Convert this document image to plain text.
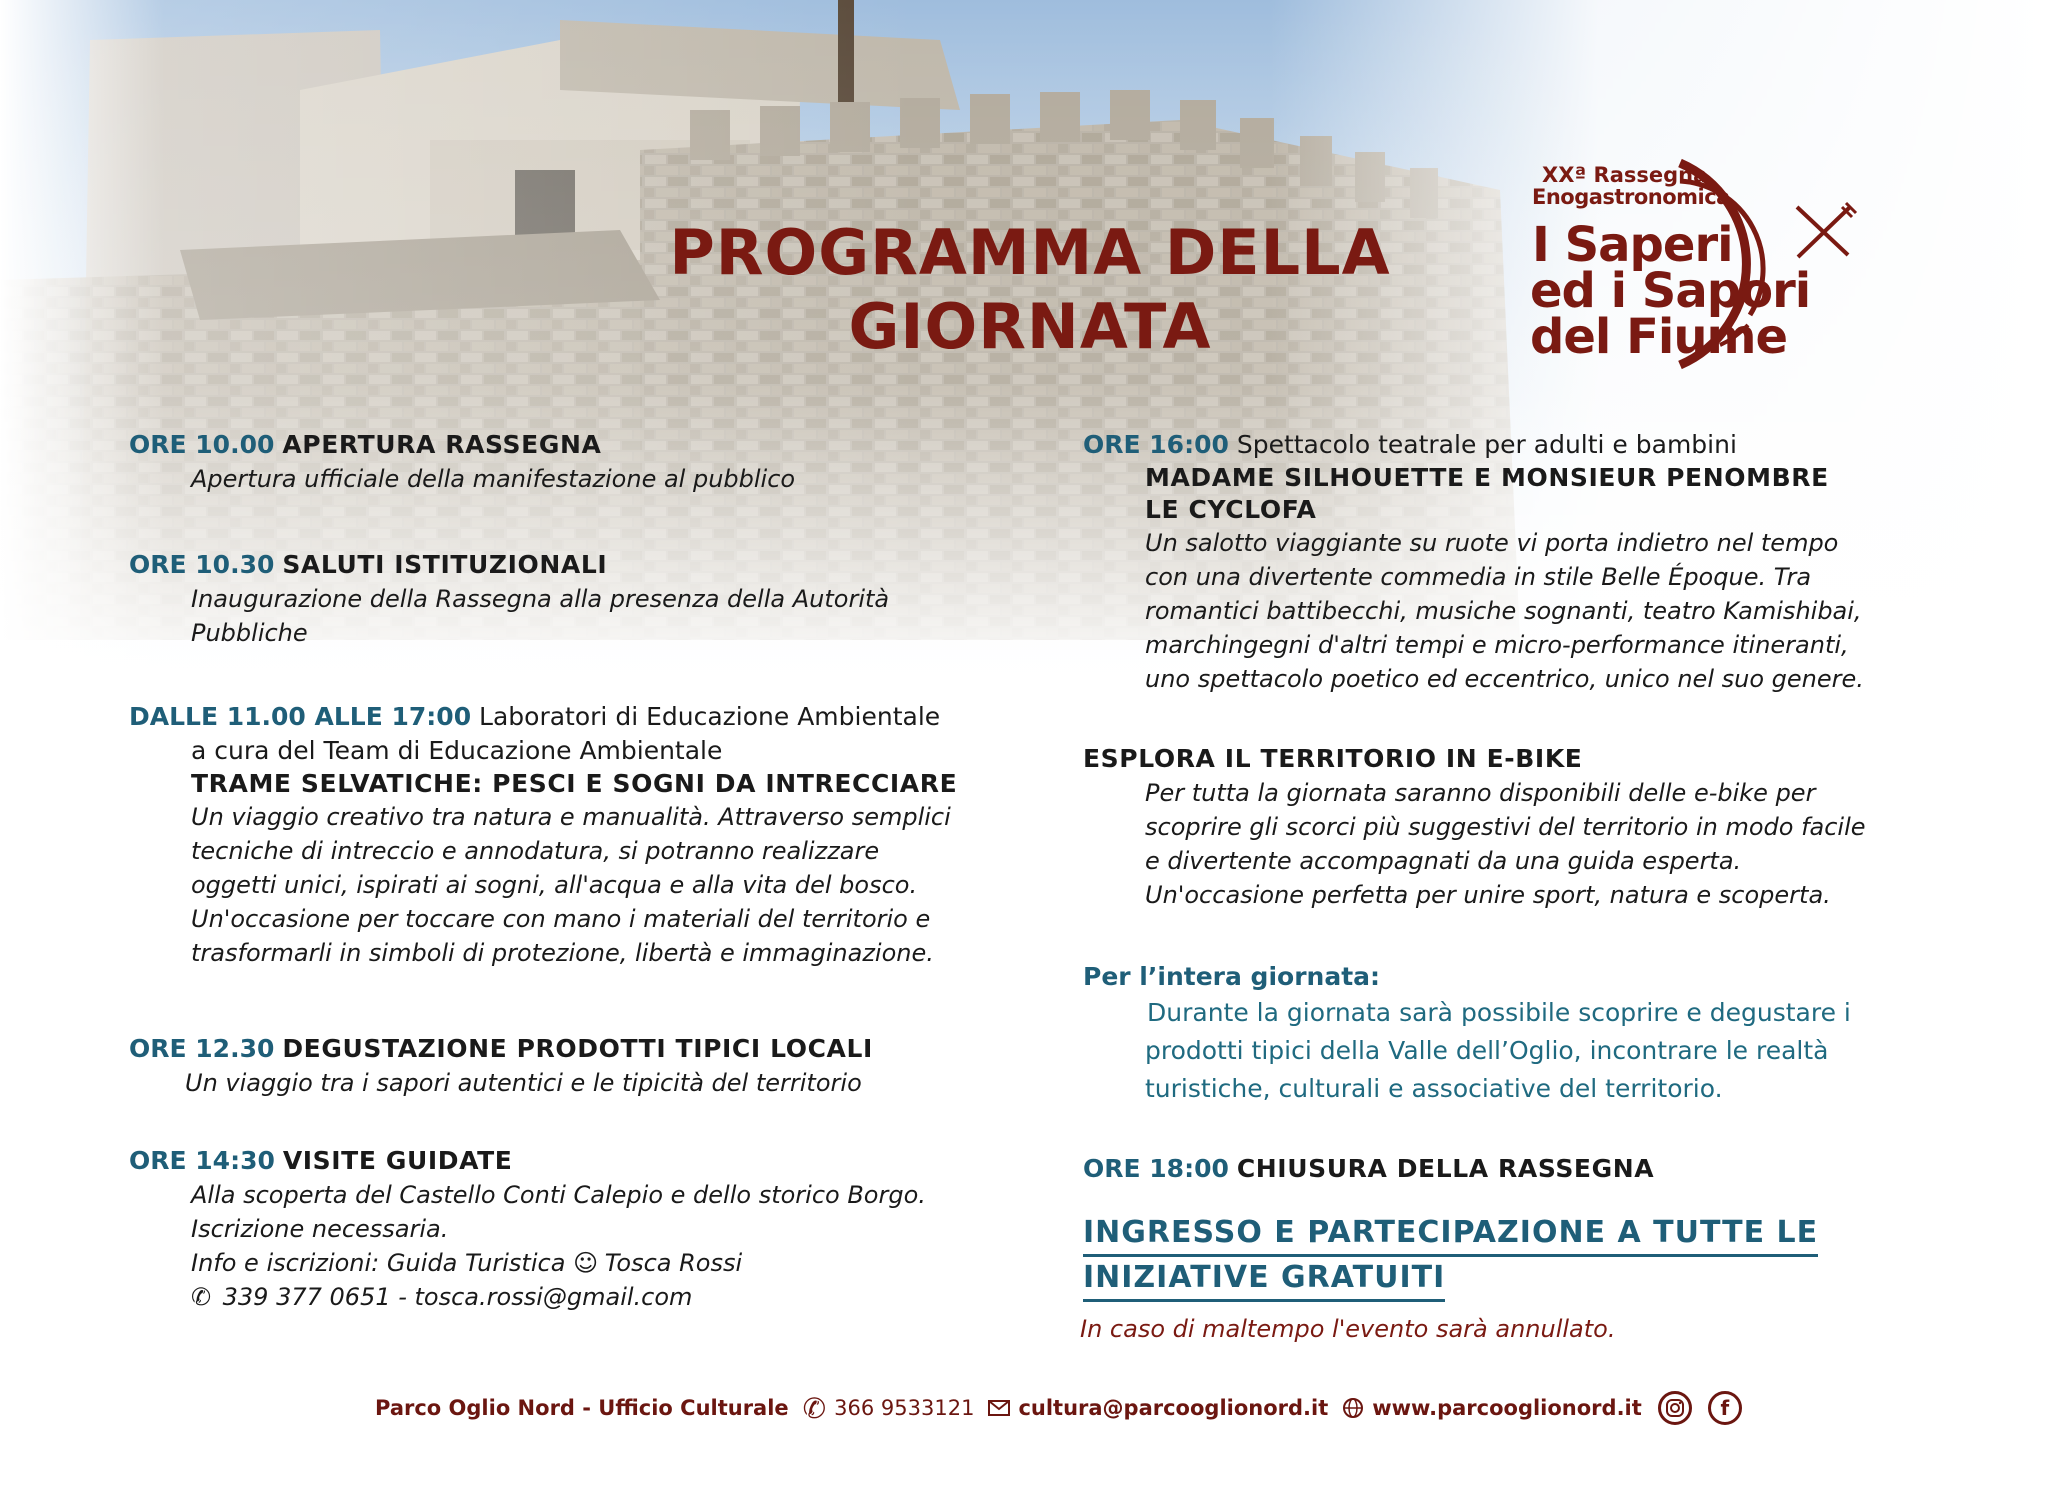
PROGRAMMA DELLA
GIORNATA
XXª Rassegna
Enogastronomica
I Saperi
ed i Sapori
del Fiume
ORE 10.00 APERTURA RASSEGNA
Apertura ufficiale della manifestazione al pubblico
ORE 10.30 SALUTI ISTITUZIONALI
Inaugurazione della Rassegna alla presenza della Autorità
Pubbliche
DALLE 11.00 ALLE 17:00 Laboratori di Educazione Ambientale
a cura del Team di Educazione Ambientale
TRAME SELVATICHE: PESCI E SOGNI DA INTRECCIARE
Un viaggio creativo tra natura e manualità. Attraverso semplici
tecniche di intreccio e annodatura, si potranno realizzare
oggetti unici, ispirati ai sogni, all'acqua e alla vita del bosco.
Un'occasione per toccare con mano i materiali del territorio e
trasformarli in simboli di protezione, libertà e immaginazione.
ORE 12.30 DEGUSTAZIONE PRODOTTI TIPICI LOCALI
Un viaggio tra i sapori autentici e le tipicità del territorio
ORE 14:30 VISITE GUIDATE
Alla scoperta del Castello Conti Calepio e dello storico Borgo.
Iscrizione necessaria.
Info e iscrizioni: Guida Turistica ☺ Tosca Rossi
✆ 339 377 0651 - tosca.rossi@gmail.com
ORE 16:00 Spettacolo teatrale per adulti e bambini
MADAME SILHOUETTE E MONSIEUR PENOMBRE
LE CYCLOFA
Un salotto viaggiante su ruote vi porta indietro nel tempo
con una divertente commedia in stile Belle Époque. Tra
romantici battibecchi, musiche sognanti, teatro Kamishibai,
marchingegni d'altri tempi e micro-performance itineranti,
uno spettacolo poetico ed eccentrico, unico nel suo genere.
ESPLORA IL TERRITORIO IN E-BIKE
Per tutta la giornata saranno disponibili delle e-bike per
scoprire gli scorci più suggestivi del territorio in modo facile
e divertente accompagnati da una guida esperta.
Un'occasione perfetta per unire sport, natura e scoperta.
Per l’intera giornata:
Durante la giornata sarà possibile scoprire e degustare i
prodotti tipici della Valle dell’Oglio, incontrare le realtà
turistiche, culturali e associative del territorio.
ORE 18:00 CHIUSURA DELLA RASSEGNA
INGRESSO E PARTECIPAZIONE A TUTTE LE
INIZIATIVE GRATUITI
In caso di maltempo l'evento sarà annullato.
Parco Oglio Nord - Ufficio Culturale ✆ 366 9533121 cultura@parcooglionord.it www.parcooglionord.it	f
